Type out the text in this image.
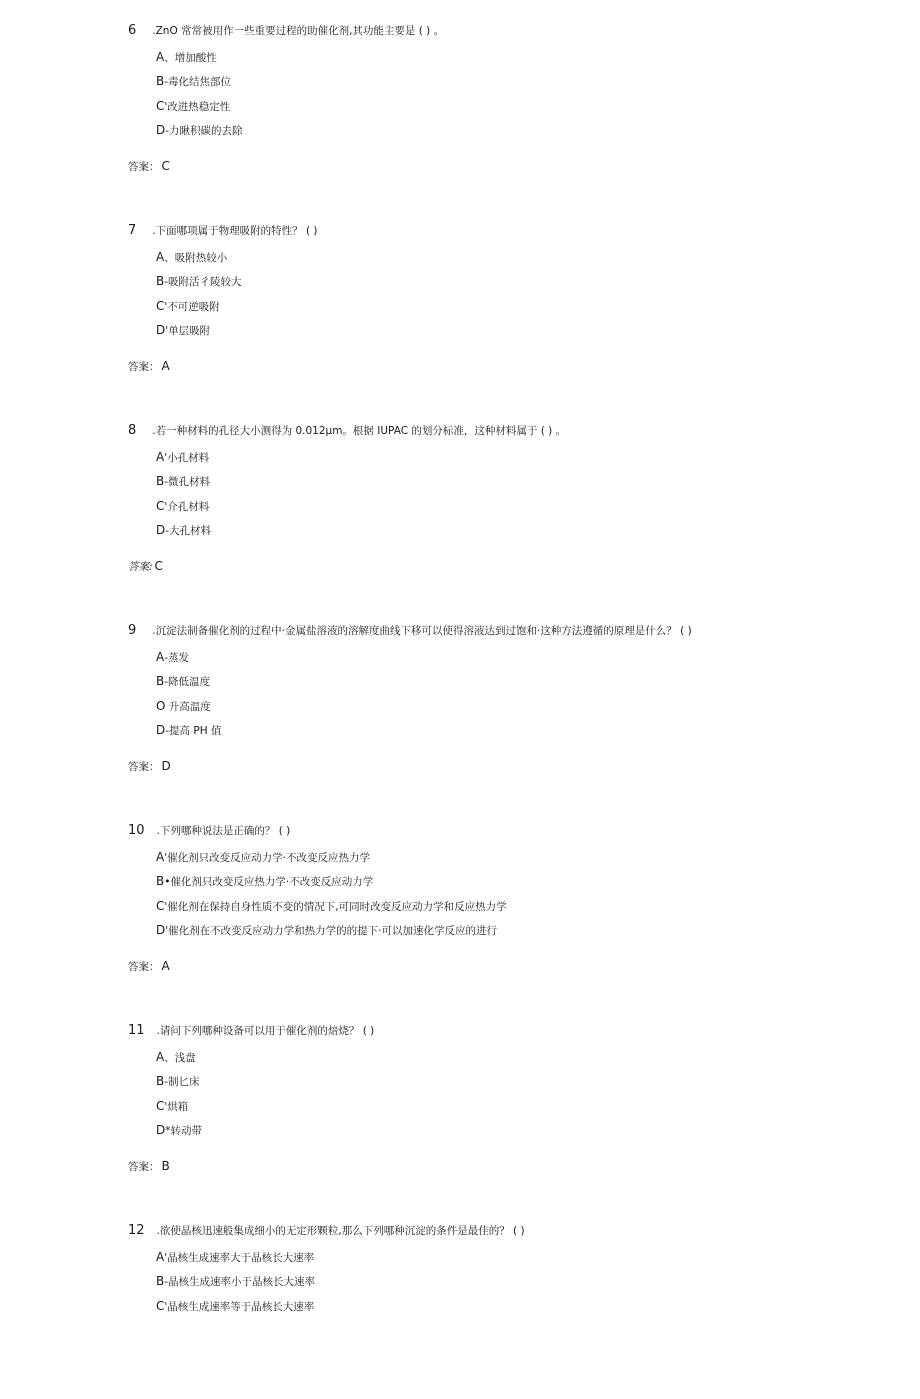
6 .ZnO 常常被用作一些重要过程的助催化剂,其功能主要是 ( ) 。
A、增加酸性
B-毒化结焦部位
C'改进热稳定性
D-力瞅积碳的去除
答案： C
7 .下面哪项属于物理吸附的特性？ ( )
A、吸附热较小
B-吸附活彳陵较大
C'不可逆吸附
D'单层吸附
答案： A
8 .若一种材料的孔径大小测得为 0.012μm。根据 IUPAC 的划分标准，这种材料属于 ( ) 。
A'小孔材料
B-微孔材料
C'介孔材料
D-大孔材料
答案: C
9 .沉淀法制备催化剂的过程中·金属盐溶液的溶解度曲线下移可以使得溶液达到过饱和·这种方法遵循的原理是什么？ ( )
A-蒸发
B-降低温度
O 升高温度
D-提高 PH 值
答案： D
10 .下列哪种说法是正确的？ ( )
A'催化剂只改变反应动力学·不改变反应热力学
B•催化剂只改变反应热力学·不改变反应动力学
C'催化剂在保持自身性质不变的情况下,可同时改变反应动力学和反应热力学
D'催化剂在不改变反应动力学和热力学的的提下·可以加速化学反应的进行
答案： A
11 .请问下列哪种设备可以用于催化剂的焙烧？ ( )
A、浅盘
B-制匕床
C'烘箱
D*转动带
答案： B
12 .欲使晶核迅速般集成细小的无定形颗粒,那么下列哪种沉淀的条件是最佳的？ ( )
A'晶核生成速率大于晶核长大速率
B-晶核生成速率小于晶核长大速率
C'晶核生成速率等于晶核长大速率
